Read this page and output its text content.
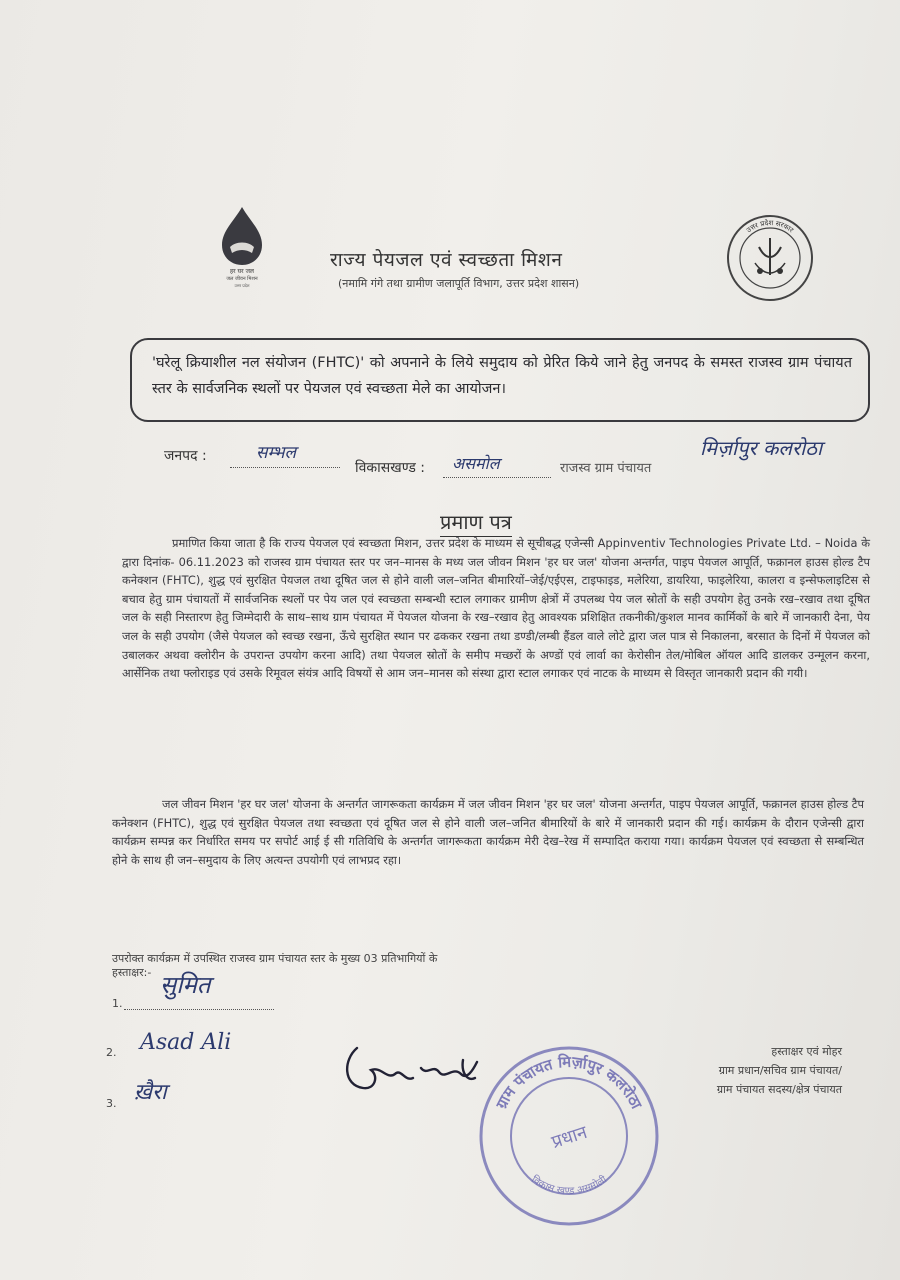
हर घर जल
जल जीवन मिशन
उत्तर प्रदेश
राज्य पेयजल एवं स्वच्छता मिशन
(नमामि गंगे तथा ग्रामीण जलापूर्ति विभाग, उत्तर प्रदेश शासन)
उत्तर प्रदेश सरकार
'घरेलू क्रियाशील नल संयोजन (FHTC)' को अपनाने के लिये समुदाय को प्रेरित किये जाने हेतु जनपद के समस्त राजस्व ग्राम पंचायत स्तर के सार्वजनिक स्थलों पर पेयजल एवं स्वच्छता मेले का आयोजन।
जनपद :	सम्भल
विकासखण्ड : असमोल	राजस्व ग्राम पंचायत
मिर्ज़ापुर कलरोठा
प्रमाण पत्र
प्रमाणित किया जाता है कि राज्य पेयजल एवं स्वच्छता मिशन, उत्तर प्रदेश के माध्यम से सूचीबद्ध एजेन्सी Appinventiv Technologies Private Ltd. – Noida के द्वारा दिनांक- 06.11.2023 को राजस्व ग्राम पंचायत स्तर पर जन–मानस के मध्य जल जीवन मिशन 'हर घर जल' योजना अन्तर्गत, पाइप पेयजल आपूर्ति, फक्रानल हाउस होल्ड टैप कनेक्शन (FHTC), शुद्ध एवं सुरक्षित पेयजल तथा दूषित जल से होने वाली जल–जनित बीमारियों–जेई/एईएस, टाइफाइड, मलेरिया, डायरिया, फाइलेरिया, कालरा व इन्सेफलाइटिस से बचाव हेतु ग्राम पंचायतों में सार्वजनिक स्थलों पर पेय जल एवं स्वच्छता सम्बन्धी स्टाल लगाकर ग्रामीण क्षेत्रों में उपलब्ध पेय जल स्रोतों के सही उपयोग हेतु उनके रख–रखाव तथा दूषित जल के सही निस्तारण हेतु जिम्मेदारी के साथ–साथ ग्राम पंचायत में पेयजल योजना के रख–रखाव हेतु आवश्यक प्रशिक्षित तकनीकी/कुशल मानव कार्मिकों के बारे में जानकारी देना, पेय जल के सही उपयोग (जैसे पेयजल को स्वच्छ रखना, ऊँचे सुरक्षित स्थान पर ढककर रखना तथा डण्डी/लम्बी हैंडल वाले लोटे द्वारा जल पात्र से निकालना, बरसात के दिनों में पेयजल को उबालकर अथवा क्लोरीन के उपरान्त उपयोग करना आदि) तथा पेयजल स्रोतों के समीप मच्छरों के अण्डों एवं लार्वा का केरोसीन तेल/मोबिल ऑयल आदि डालकर उन्मूलन करना, आर्सेनिक तथा फ्लोराइड एवं उसके रिमूवल संयंत्र आदि विषयों से आम जन–मानस को संस्था द्वारा स्टाल लगाकर एवं नाटक के माध्यम से विस्तृत जानकारी प्रदान की गयी।
जल जीवन मिशन 'हर घर जल' योजना के अन्तर्गत जागरूकता कार्यक्रम में जल जीवन मिशन 'हर घर जल' योजना अन्तर्गत, पाइप पेयजल आपूर्ति, फक्रानल हाउस होल्ड टैप कनेक्शन (FHTC), शुद्ध एवं सुरक्षित पेयजल तथा स्वच्छता एवं दूषित जल से होने वाली जल–जनित बीमारियों के बारे में जानकारी प्रदान की गई। कार्यक्रम के दौरान एजेन्सी द्वारा कार्यक्रम सम्पन्न कर निर्धारित समय पर सपोर्ट आई ई सी गतिविधि के अन्तर्गत जागरूकता कार्यक्रम मेरी देख–रेख में सम्पादित कराया गया। कार्यक्रम पेयजल एवं स्वच्छता से सम्बन्धित होने के साथ ही जन–समुदाय के लिए अत्यन्त उपयोगी एवं लाभप्रद रहा।
उपरोक्त कार्यक्रम में उपस्थित राजस्व ग्राम पंचायत स्तर के मुख्य 03 प्रतिभागियों के
हस्ताक्षर:-
1.
सुमित
2. Asad Ali
3. ख़ैरा
हस्ताक्षर एवं मोहर
ग्राम प्रधान/सचिव ग्राम पंचायत/
ग्राम पंचायत सदस्य/क्षेत्र पंचायत
ग्राम पंचायत मिर्ज़ापुर कलरोठा
विकास खण्ड असमोली
प्रधान
